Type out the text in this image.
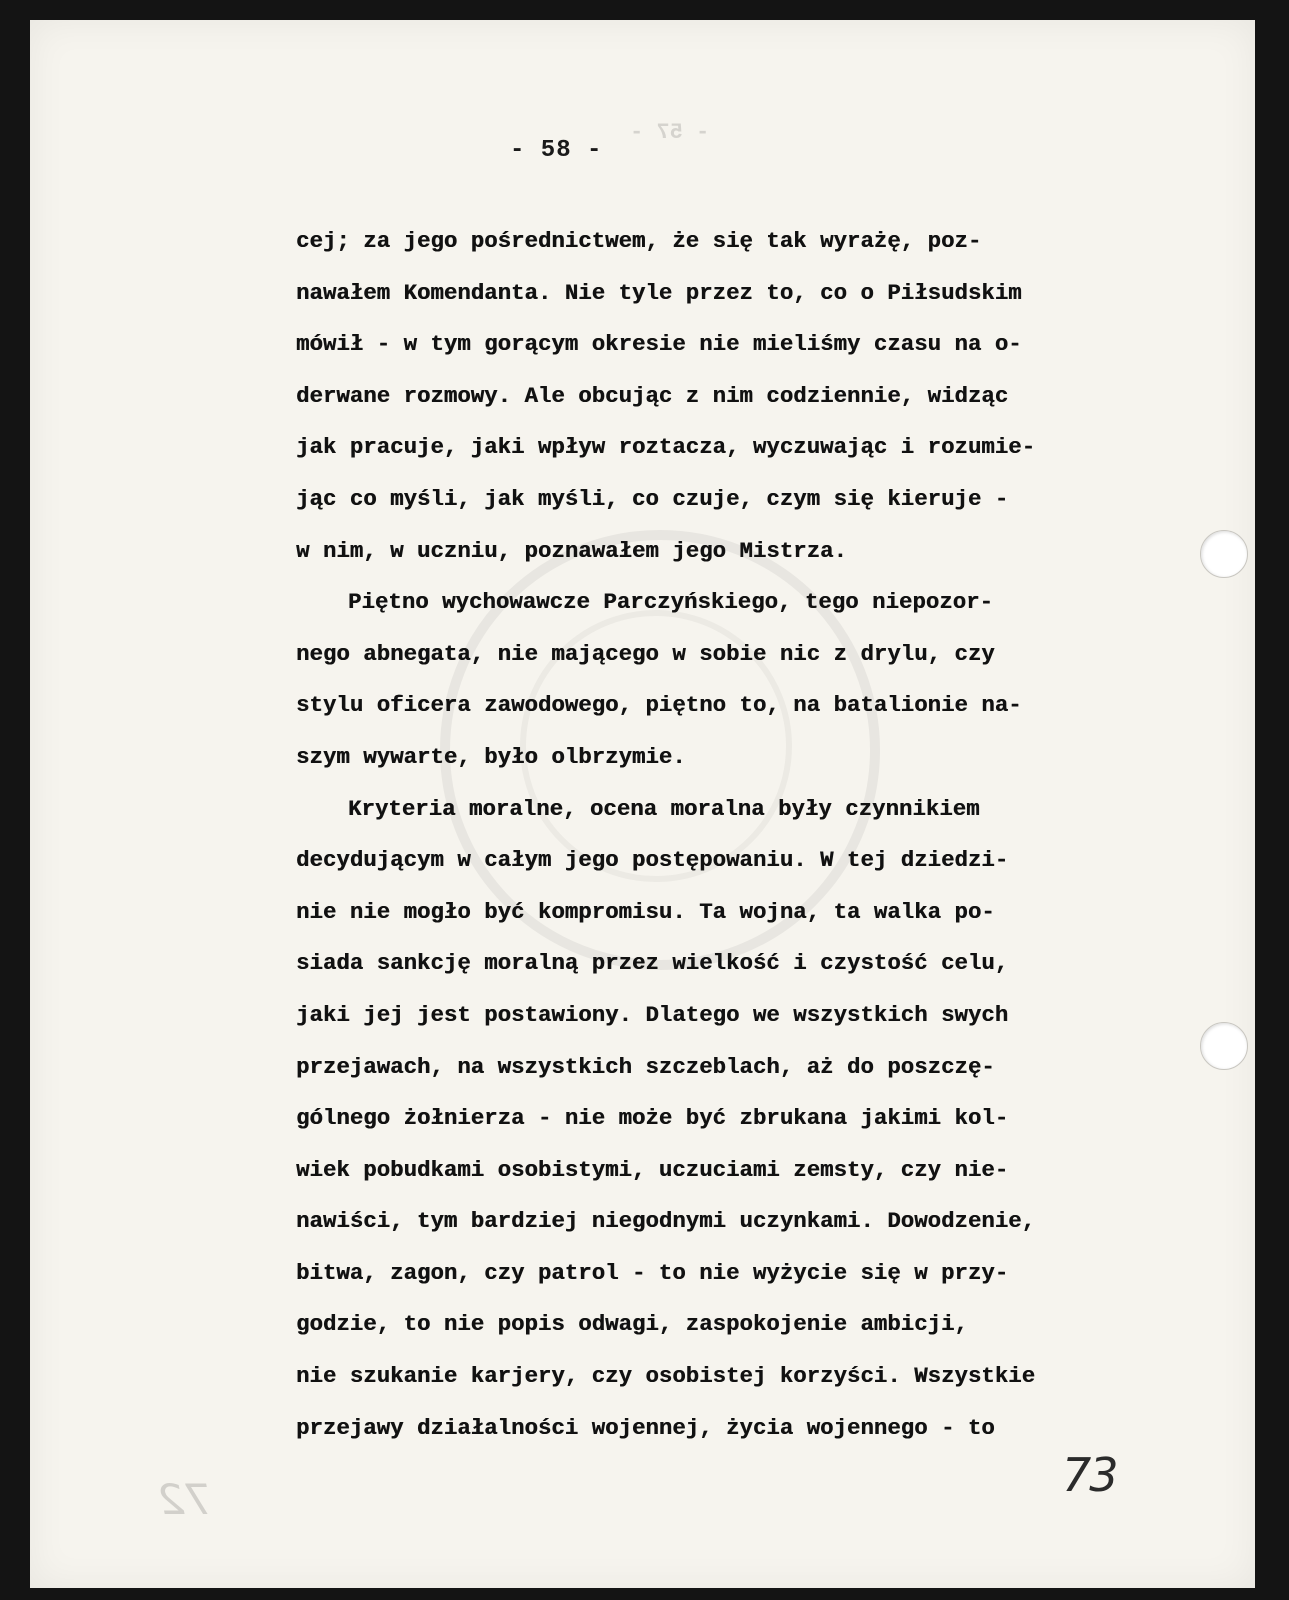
- 57 -
72
- 58 -
cej; za jego pośrednictwem, że się tak wyrażę, poz-
nawałem Komendanta. Nie tyle przez to, co o Piłsudskim
mówił - w tym gorącym okresie nie mieliśmy czasu na o-
derwane rozmowy. Ale obcując z nim codziennie, widząc
jak pracuje, jaki wpływ roztacza, wyczuwając i rozumie-
jąc co myśli, jak myśli, co czuje, czym się kieruje -
w nim, w uczniu, poznawałem jego Mistrza.
Piętno wychowawcze Parczyńskiego, tego niepozor-
nego abnegata, nie mającego w sobie nic z drylu, czy
stylu oficera zawodowego, piętno to, na batalionie na-
szym wywarte, było olbrzymie.
Kryteria moralne, ocena moralna były czynnikiem
decydującym w całym jego postępowaniu. W tej dziedzi-
nie nie mogło być kompromisu. Ta wojna, ta walka po-
siada sankcję moralną przez wielkość i czystość celu,
jaki jej jest postawiony. Dlatego we wszystkich swych
przejawach, na wszystkich szczeblach, aż do poszczę-
gólnego żołnierza - nie może być zbrukana jakimi kol-
wiek pobudkami osobistymi, uczuciami zemsty, czy nie-
nawiści, tym bardziej niegodnymi uczynkami. Dowodzenie,
bitwa, zagon, czy patrol - to nie wyżycie się w przy-
godzie, to nie popis odwagi, zaspokojenie ambicji,
nie szukanie karjery, czy osobistej korzyści. Wszystkie
przejawy działalności wojennej, życia wojennego - to
73
